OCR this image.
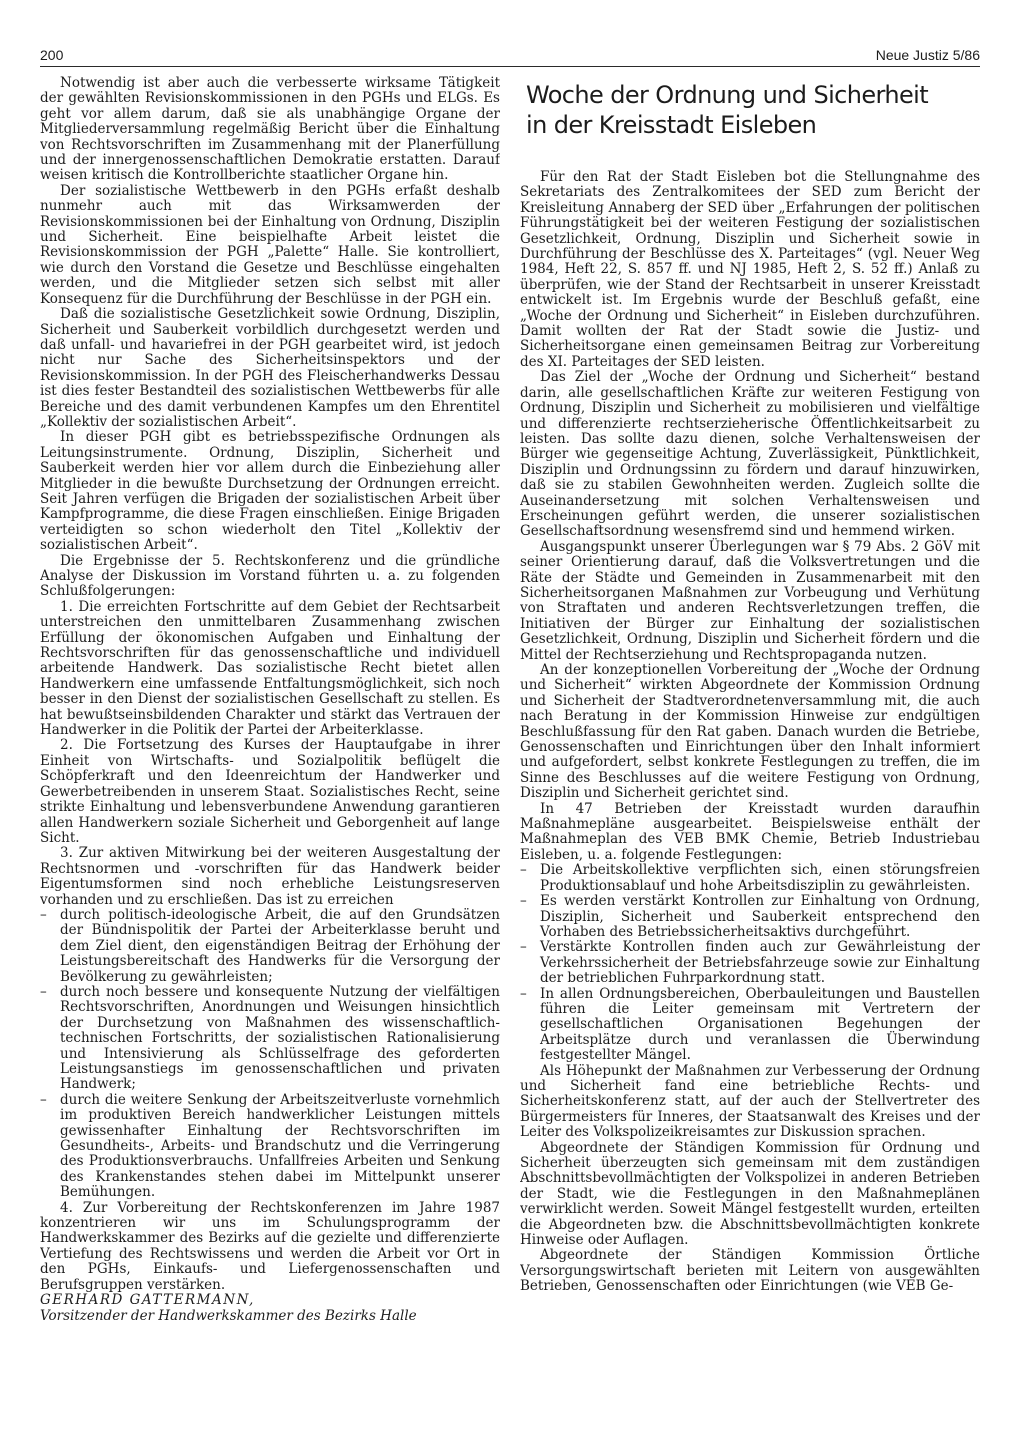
200	Neue Justiz 5/86

Notwendig ist aber auch die verbesserte wirksame Tätigkeit der gewählten Revisionskommissionen in den PGHs und ELGs. Es geht vor allem darum, daß sie als unabhängige Organe der Mitgliederversammlung regelmäßig Bericht über die Einhaltung von Rechtsvorschriften im Zusammenhang mit der Planerfüllung und der innergenossenschaftlichen Demokratie erstatten. Darauf weisen kritisch die Kontrollberichte staatlicher Organe hin.

Der sozialistische Wettbewerb in den PGHs erfaßt deshalb nunmehr auch mit das Wirksamwerden der Revisionskommissionen bei der Einhaltung von Ordnung, Disziplin und Sicherheit. Eine beispielhafte Arbeit leistet die Revisionskommission der PGH „Palette“ Halle. Sie kontrolliert, wie durch den Vorstand die Gesetze und Beschlüsse eingehalten werden, und die Mitglieder setzen sich selbst mit aller Konsequenz für die Durchführung der Beschlüsse in der PGH ein.

Daß die sozialistische Gesetzlichkeit sowie Ordnung, Disziplin, Sicherheit und Sauberkeit vorbildlich durchgesetzt werden und daß unfall- und havariefrei in der PGH gearbeitet wird, ist jedoch nicht nur Sache des Sicherheitsinspektors und der Revisionskommission. In der PGH des Fleischerhandwerks Dessau ist dies fester Bestandteil des sozialistischen Wettbewerbs für alle Bereiche und des damit verbundenen Kampfes um den Ehrentitel „Kollektiv der sozialistischen Arbeit“.

In dieser PGH gibt es betriebsspezifische Ordnungen als Leitungsinstrumente. Ordnung, Disziplin, Sicherheit und Sauberkeit werden hier vor allem durch die Einbeziehung aller Mitglieder in die bewußte Durchsetzung der Ordnungen erreicht. Seit Jahren verfügen die Brigaden der sozialistischen Arbeit über Kampfprogramme, die diese Fragen einschließen. Einige Brigaden verteidigten so schon wiederholt den Titel „Kollektiv der sozialistischen Arbeit“.

Die Ergebnisse der 5. Rechtskonferenz und die gründliche Analyse der Diskussion im Vorstand führten u. a. zu folgenden Schlußfolgerungen:

1. Die erreichten Fortschritte auf dem Gebiet der Rechtsarbeit unterstreichen den unmittelbaren Zusammenhang zwischen Erfüllung der ökonomischen Aufgaben und Einhaltung der Rechtsvorschriften für das genossenschaftliche und individuell arbeitende Handwerk. Das sozialistische Recht bietet allen Handwerkern eine umfassende Entfaltungsmöglichkeit, sich noch besser in den Dienst der sozialistischen Gesellschaft zu stellen. Es hat bewußtseinsbildenden Charakter und stärkt das Vertrauen der Handwerker in die Politik der Partei der Arbeiterklasse.

2. Die Fortsetzung des Kurses der Hauptaufgabe in ihrer Einheit von Wirtschafts- und Sozialpolitik beflügelt die Schöpferkraft und den Ideenreichtum der Handwerker und Gewerbetreibenden in unserem Staat. Sozialistisches Recht, seine strikte Einhaltung und lebensverbundene Anwendung garantieren allen Handwerkern soziale Sicherheit und Geborgenheit auf lange Sicht.

3. Zur aktiven Mitwirkung bei der weiteren Ausgestaltung der Rechtsnormen und -vorschriften für das Handwerk beider Eigentumsformen sind noch erhebliche Leistungsreserven vorhanden und zu erschließen. Das ist zu erreichen

– durch politisch-ideologische Arbeit, die auf den Grundsätzen der Bündnispolitik der Partei der Arbeiterklasse beruht und dem Ziel dient, den eigenständigen Beitrag der Erhöhung der Leistungsbereitschaft des Handwerks für die Versorgung der Bevölkerung zu gewährleisten;
– durch noch bessere und konsequente Nutzung der vielfältigen Rechtsvorschriften, Anordnungen und Weisungen hinsichtlich der Durchsetzung von Maßnahmen des wissenschaftlich-technischen Fortschritts, der sozialistischen Rationalisierung und Intensivierung als Schlüsselfrage des geforderten Leistungsanstiegs im genossenschaftlichen und privaten Handwerk;
– durch die weitere Senkung der Arbeitszeitverluste vornehmlich im produktiven Bereich handwerklicher Leistungen mittels gewissenhafter Einhaltung der Rechtsvorschriften im Gesundheits-, Arbeits- und Brandschutz und die Verringerung des Produktionsverbrauchs. Unfallfreies Arbeiten und Senkung des Krankenstandes stehen dabei im Mittelpunkt unserer Bemühungen.

4. Zur Vorbereitung der Rechtskonferenzen im Jahre 1987 konzentrieren wir uns im Schulungsprogramm der Handwerkskammer des Bezirks auf die gezielte und differenzierte Vertiefung des Rechtswissens und werden die Arbeit vor Ort in den PGHs, Einkaufs- und Liefergenossenschaften und Berufsgruppen verstärken.

GERHARD GATTERMANN,
Vorsitzender der Handwerkskammer des Bezirks Halle

Woche der Ordnung und Sicherheit
in der Kreisstadt Eisleben

Für den Rat der Stadt Eisleben bot die Stellungnahme des Sekretariats des Zentralkomitees der SED zum Bericht der Kreisleitung Annaberg der SED über „Erfahrungen der politischen Führungstätigkeit bei der weiteren Festigung der sozialistischen Gesetzlichkeit, Ordnung, Disziplin und Sicherheit sowie in Durchführung der Beschlüsse des X. Parteitages“ (vgl. Neuer Weg 1984, Heft 22, S. 857 ff. und NJ 1985, Heft 2, S. 52 ff.) Anlaß zu überprüfen, wie der Stand der Rechtsarbeit in unserer Kreisstadt entwickelt ist. Im Ergebnis wurde der Beschluß gefaßt, eine „Woche der Ordnung und Sicherheit“ in Eisleben durchzuführen. Damit wollten der Rat der Stadt sowie die Justiz- und Sicherheitsorgane einen gemeinsamen Beitrag zur Vorbereitung des XI. Parteitages der SED leisten.

Das Ziel der „Woche der Ordnung und Sicherheit“ bestand darin, alle gesellschaftlichen Kräfte zur weiteren Festigung von Ordnung, Disziplin und Sicherheit zu mobilisieren und vielfältige und differenzierte rechtserzieherische Öffentlichkeitsarbeit zu leisten. Das sollte dazu dienen, solche Verhaltensweisen der Bürger wie gegenseitige Achtung, Zuverlässigkeit, Pünktlichkeit, Disziplin und Ordnungssinn zu fördern und darauf hinzuwirken, daß sie zu stabilen Gewohnheiten werden. Zugleich sollte die Auseinandersetzung mit solchen Verhaltensweisen und Erscheinungen geführt werden, die unserer sozialistischen Gesellschaftsordnung wesensfremd sind und hemmend wirken.

Ausgangspunkt unserer Überlegungen war § 79 Abs. 2 GöV mit seiner Orientierung darauf, daß die Volksvertretungen und die Räte der Städte und Gemeinden in Zusammenarbeit mit den Sicherheitsorganen Maßnahmen zur Vorbeugung und Verhütung von Straftaten und anderen Rechtsverletzungen treffen, die Initiativen der Bürger zur Einhaltung der sozialistischen Gesetzlichkeit, Ordnung, Disziplin und Sicherheit fördern und die Mittel der Rechtserziehung und Rechtspropaganda nutzen.

An der konzeptionellen Vorbereitung der „Woche der Ordnung und Sicherheit“ wirkten Abgeordnete der Kommission Ordnung und Sicherheit der Stadtverordnetenversammlung mit, die auch nach Beratung in der Kommission Hinweise zur endgültigen Beschlußfassung für den Rat gaben. Danach wurden die Betriebe, Genossenschaften und Einrichtungen über den Inhalt informiert und aufgefordert, selbst konkrete Festlegungen zu treffen, die im Sinne des Beschlusses auf die weitere Festigung von Ordnung, Disziplin und Sicherheit gerichtet sind.

In 47 Betrieben der Kreisstadt wurden daraufhin Maßnahmepläne ausgearbeitet. Beispielsweise enthält der Maßnahmeplan des VEB BMK Chemie, Betrieb Industriebau Eisleben, u. a. folgende Festlegungen:

– Die Arbeitskollektive verpflichten sich, einen störungsfreien Produktionsablauf und hohe Arbeitsdisziplin zu gewährleisten.
– Es werden verstärkt Kontrollen zur Einhaltung von Ordnung, Disziplin, Sicherheit und Sauberkeit entsprechend den Vorhaben des Betriebssicherheitsaktivs durchgeführt.
– Verstärkte Kontrollen finden auch zur Gewährleistung der Verkehrssicherheit der Betriebsfahrzeuge sowie zur Einhaltung der betrieblichen Fuhrparkordnung statt.
– In allen Ordnungsbereichen, Oberbauleitungen und Baustellen führen die Leiter gemeinsam mit Vertretern der gesellschaftlichen Organisationen Begehungen der Arbeitsplätze durch und veranlassen die Überwindung festgestellter Mängel.

Als Höhepunkt der Maßnahmen zur Verbesserung der Ordnung und Sicherheit fand eine betriebliche Rechts- und Sicherheitskonferenz statt, auf der auch der Stellvertreter des Bürgermeisters für Inneres, der Staatsanwalt des Kreises und der Leiter des Volkspolizeikreisamtes zur Diskussion sprachen.

Abgeordnete der Ständigen Kommission für Ordnung und Sicherheit überzeugten sich gemeinsam mit dem zuständigen Abschnittsbevollmächtigten der Volkspolizei in anderen Betrieben der Stadt, wie die Festlegungen in den Maßnahmeplänen verwirklicht werden. Soweit Mängel festgestellt wurden, erteilten die Abgeordneten bzw. die Abschnittsbevollmächtigten konkrete Hinweise oder Auflagen.

Abgeordnete der Ständigen Kommission Örtliche Versorgungswirtschaft berieten mit Leitern von ausgewählten Betrieben, Genossenschaften oder Einrichtungen (wie VEB Ge-
